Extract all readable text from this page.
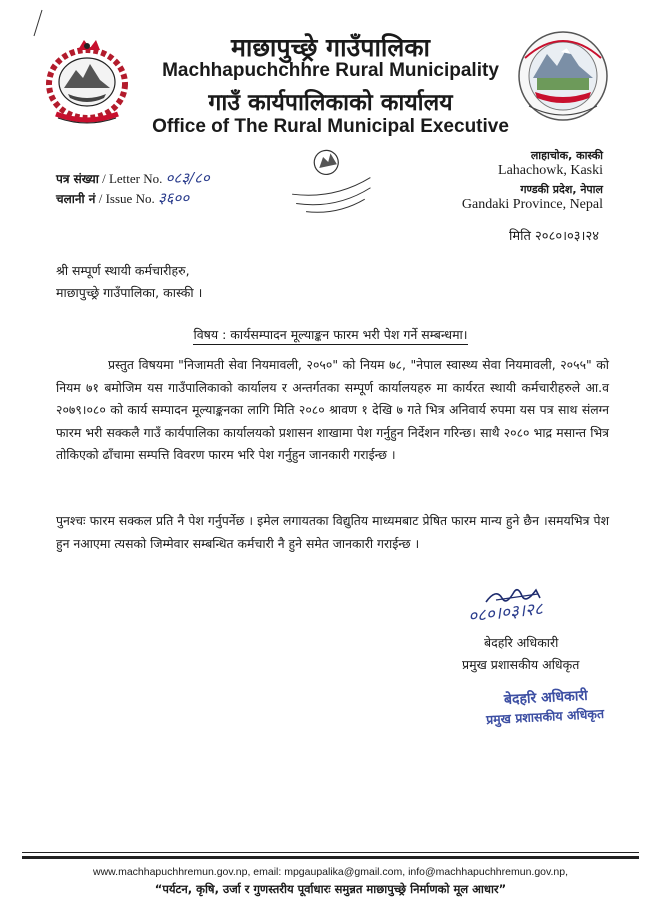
माछापुच्छ्रे गाउँपालिका
Machhapuchchhre Rural Municipality
गाउँ कार्यपालिकाको कार्यालय
Office of The Rural Municipal Executive
पत्र संख्या / Letter No. ०८३/८०
चलानी नं / Issue No. ३६००
लाहाचोक, कास्की
Lahachowk, Kaski
गण्डकी प्रदेश, नेपाल
Gandaki Province, Nepal
मिति २०८०।०३।२४
श्री सम्पूर्ण स्थायी कर्मचारीहरु,
माछापुच्छ्रे गाउँपालिका, कास्की ।
विषय : कार्यसम्पादन मूल्याङ्कन फारम भरी पेश गर्ने सम्बन्धमा।

प्रस्तुत विषयमा "निजामती सेवा नियमावली, २०५०" को नियम ७८, "नेपाल स्वास्थ्य सेवा नियमावली, २०५५" को नियम ७१ बमोजिम यस गाउँपालिकाको कार्यालय र अन्तर्गतका सम्पूर्ण कार्यालयहरु मा कार्यरत स्थायी कर्मचारीहरुले आ.व २०७९।०८० को कार्य सम्पादन मूल्याङ्कनका लागि मिति २०८० श्रावण १ देखि ७ गते भित्र अनिवार्य रुपमा यस पत्र साथ संलग्न फारम भरी सक्कलै गाउँ कार्यपालिका कार्यालयको प्रशासन शाखामा पेश गर्नुहुन निर्देशन गरिन्छ। साथै २०८० भाद्र मसान्त भित्र तोकिएको ढाँचामा सम्पत्ति विवरण फारम भरि पेश गर्नुहुन जानकारी गराईन्छ ।

पुनश्चः फारम सक्कल प्रति नै पेश गर्नुपर्नेछ । इमेल लगायतका विद्युतिय माध्यमबाट प्रेषित फारम मान्य हुने छैन ।समयभित्र पेश हुन नआएमा त्यसको जिम्मेवार सम्बन्धित कर्मचारी नै हुने समेत जानकारी गराईन्छ ।
०८०।०३।२८
बेदहरि अधिकारी
प्रमुख प्रशासकीय अधिकृत
बेदहरि अधिकारी
प्रमुख प्रशासकीय अधिकृत
www.machhapuchhremun.gov.np, email: mpgaupalika@gmail.com, info@machhapuchhremun.gov.np,
“पर्यटन, कृषि, उर्जा र गुणस्तरीय पूर्वाधारः समुन्नत माछापुच्छ्रे निर्माणको मूल आधार”
